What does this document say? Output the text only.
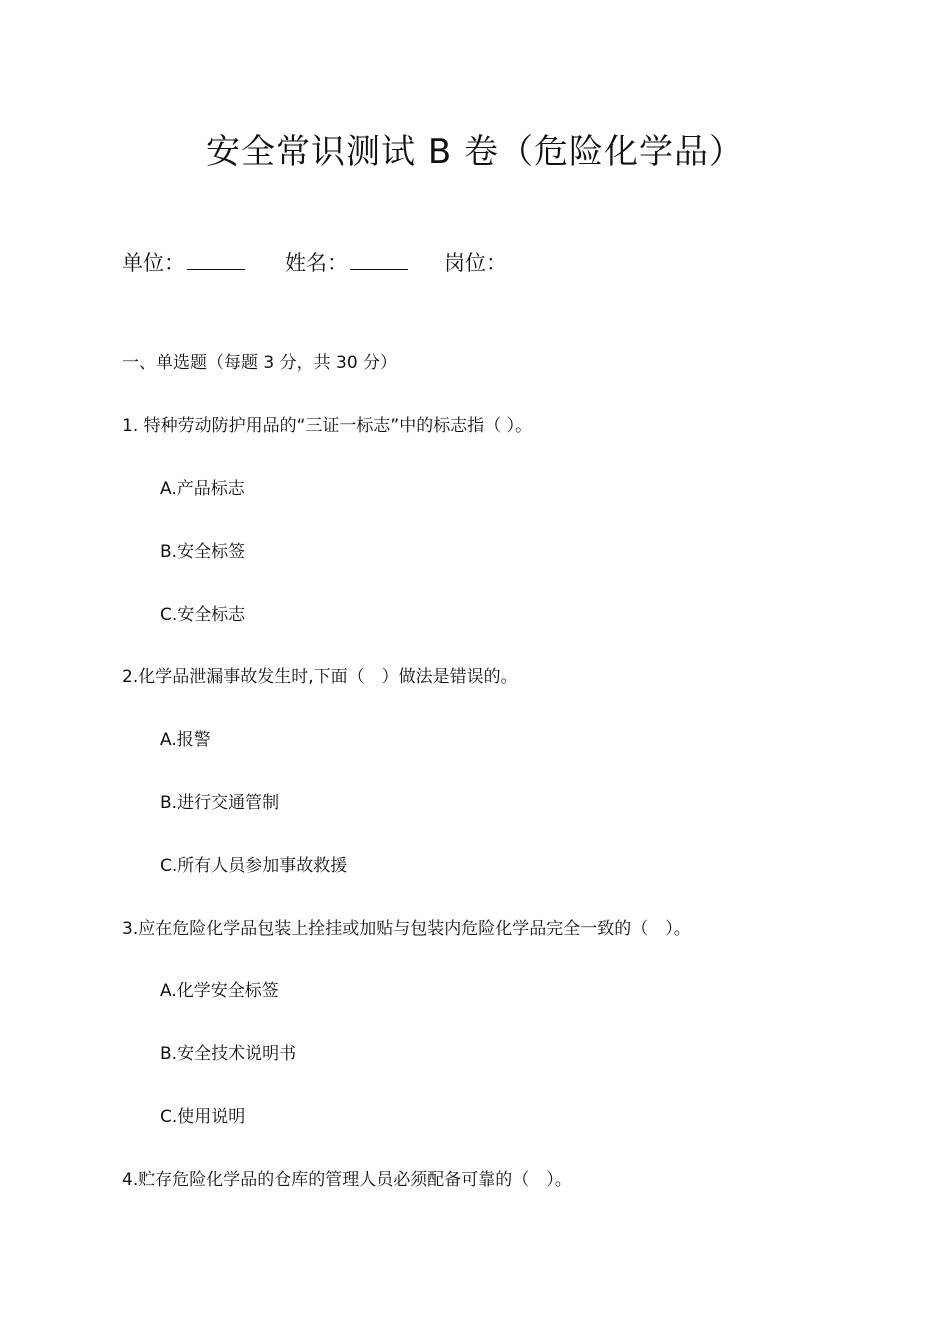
安全常识测试 B 卷（危险化学品）
单位：	姓名：	岗位：
一、单选题（每题 3 分，共 30 分）
1. 特种劳动防护用品的“三证一标志”中的标志指（ ）。
A.产品标志
B.安全标签
C.安全标志
2.化学品泄漏事故发生时,下面（　）做法是错误的。
A.报警
B.进行交通管制
C.所有人员参加事故救援
3.应在危险化学品包装上拴挂或加贴与包装内危险化学品完全一致的（　）。
A.化学安全标签
B.安全技术说明书
C.使用说明
4.贮存危险化学品的仓库的管理人员必须配备可靠的（　）。
